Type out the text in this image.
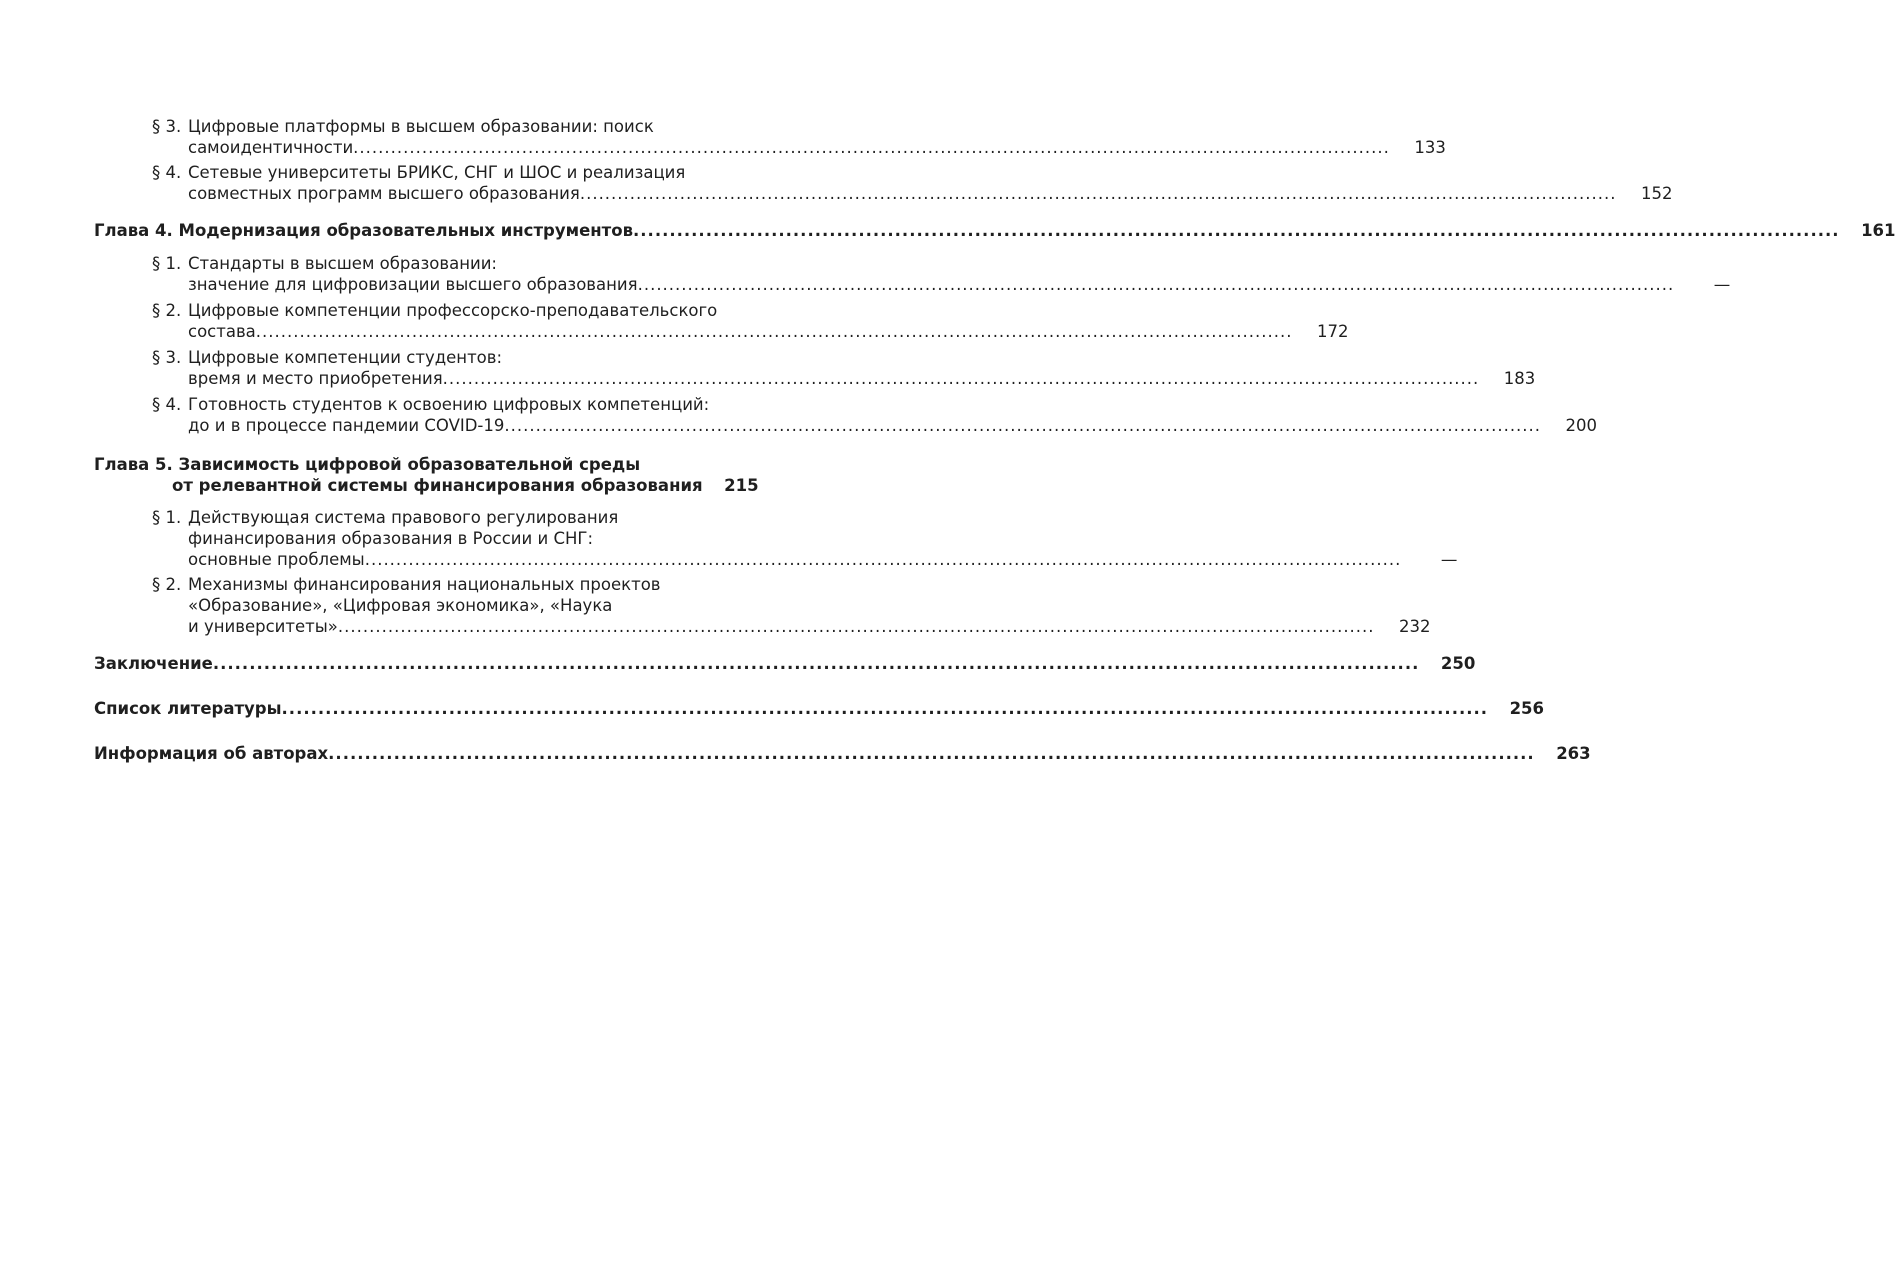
§ 3. Цифровые платформы в высшем образовании: поиск
самоидентичности ......................................................................................................................................................................	133
§ 4. Сетевые университеты БРИКС, СНГ и ШОС и реализация
совместных программ высшего образования ......................................................................................................................................................................	152
Глава 4. Модернизация образовательных инструментов ......................................................................................................................................................................	161
§ 1. Стандарты в высшем образовании:
значение для цифровизации высшего образования ......................................................................................................................................................................	—
§ 2. Цифровые компетенции профессорско-преподавательского
состава ......................................................................................................................................................................	172
§ 3. Цифровые компетенции студентов:
время и место приобретения ......................................................................................................................................................................	183
§ 4. Готовность студентов к освоению цифровых компетенций:
до и в процессе пандемии COVID-19 ......................................................................................................................................................................	200
Глава 5. Зависимость цифровой образовательной среды
от релевантной системы финансирования образования	215
§ 1. Действующая система правового регулирования
финансирования образования в России и СНГ:
основные проблемы ......................................................................................................................................................................	—
§ 2. Механизмы финансирования национальных проектов
«Образование», «Цифровая экономика», «Наука
и университеты» ......................................................................................................................................................................	232
Заключение ......................................................................................................................................................................	250
Список литературы ......................................................................................................................................................................	256
Информация об авторах ......................................................................................................................................................................	263
